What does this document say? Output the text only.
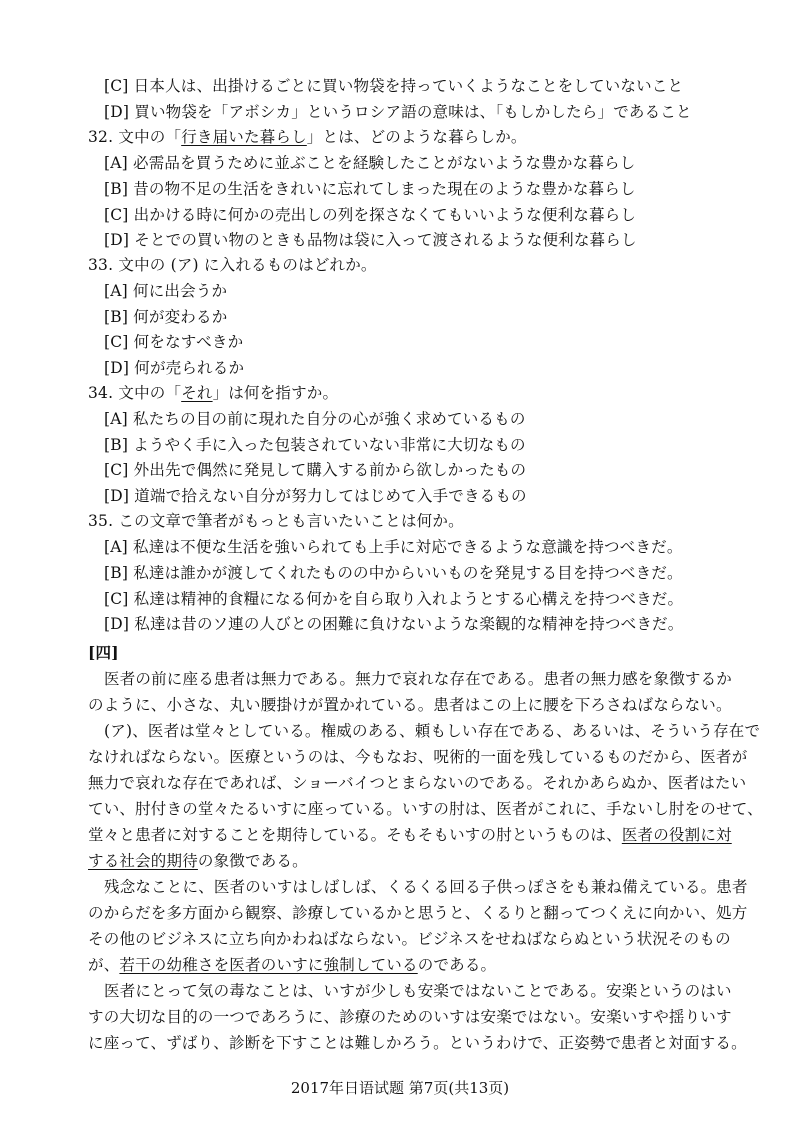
[C] 日本人は、出掛けるごとに買い物袋を持っていくようなことをしていないこと
[D] 買い物袋を「アボシカ」というロシア語の意味は、「もしかしたら」であること
32. 文中の「行き届いた暮らし」とは、どのような暮らしか。
[A] 必需品を買うために並ぶことを経験したことがないような豊かな暮らし
[B] 昔の物不足の生活をきれいに忘れてしまった現在のような豊かな暮らし
[C] 出かける時に何かの売出しの列を探さなくてもいいような便利な暮らし
[D] そとでの買い物のときも品物は袋に入って渡されるような便利な暮らし
33. 文中の (ア) に入れるものはどれか。
[A] 何に出会うか
[B] 何が変わるか
[C] 何をなすべきか
[D] 何が売られるか
34. 文中の「それ」は何を指すか。
[A] 私たちの目の前に現れた自分の心が強く求めているもの
[B] ようやく手に入った包装されていない非常に大切なもの
[C] 外出先で偶然に発見して購入する前から欲しかったもの
[D] 道端で拾えない自分が努力してはじめて入手できるもの
35. この文章で筆者がもっとも言いたいことは何か。
[A] 私達は不便な生活を強いられても上手に対応できるような意識を持つべきだ。
[B] 私達は誰かが渡してくれたものの中からいいものを発見する目を持つべきだ。
[C] 私達は精神的食糧になる何かを自ら取り入れようとする心構えを持つべきだ。
[D] 私達は昔のソ連の人びとの困難に負けないような楽観的な精神を持つべきだ。
[四]
医者の前に座る患者は無力である。無力で哀れな存在である。患者の無力感を象徴するか
のように、小さな、丸い腰掛けが置かれている。患者はこの上に腰を下ろさねばならない。
(ア)、医者は堂々としている。権威のある、頼もしい存在である、あるいは、そういう存在で
なければならない。医療というのは、今もなお、呪術的一面を残しているものだから、医者が
無力で哀れな存在であれば、ショーバイつとまらないのである。それかあらぬか、医者はたい
てい、肘付きの堂々たるいすに座っている。いすの肘は、医者がこれに、手ないし肘をのせて、
堂々と患者に対することを期待している。そもそもいすの肘というものは、医者の役割に対
する社会的期待の象徴である。
残念なことに、医者のいすはしばしば、くるくる回る子供っぽさをも兼ね備えている。患者
のからだを多方面から観察、診療しているかと思うと、くるりと翻ってつくえに向かい、処方
その他のビジネスに立ち向かわねばならない。ビジネスをせねばならぬという状況そのもの
が、若干の幼稚さを医者のいすに強制しているのである。
医者にとって気の毒なことは、いすが少しも安楽ではないことである。安楽というのはい
すの大切な目的の一つであろうに、診療のためのいすは安楽ではない。安楽いすや揺りいす
に座って、ずばり、診断を下すことは難しかろう。というわけで、正姿勢で患者と対面する。
2017年日语试题 第7页(共13页)
